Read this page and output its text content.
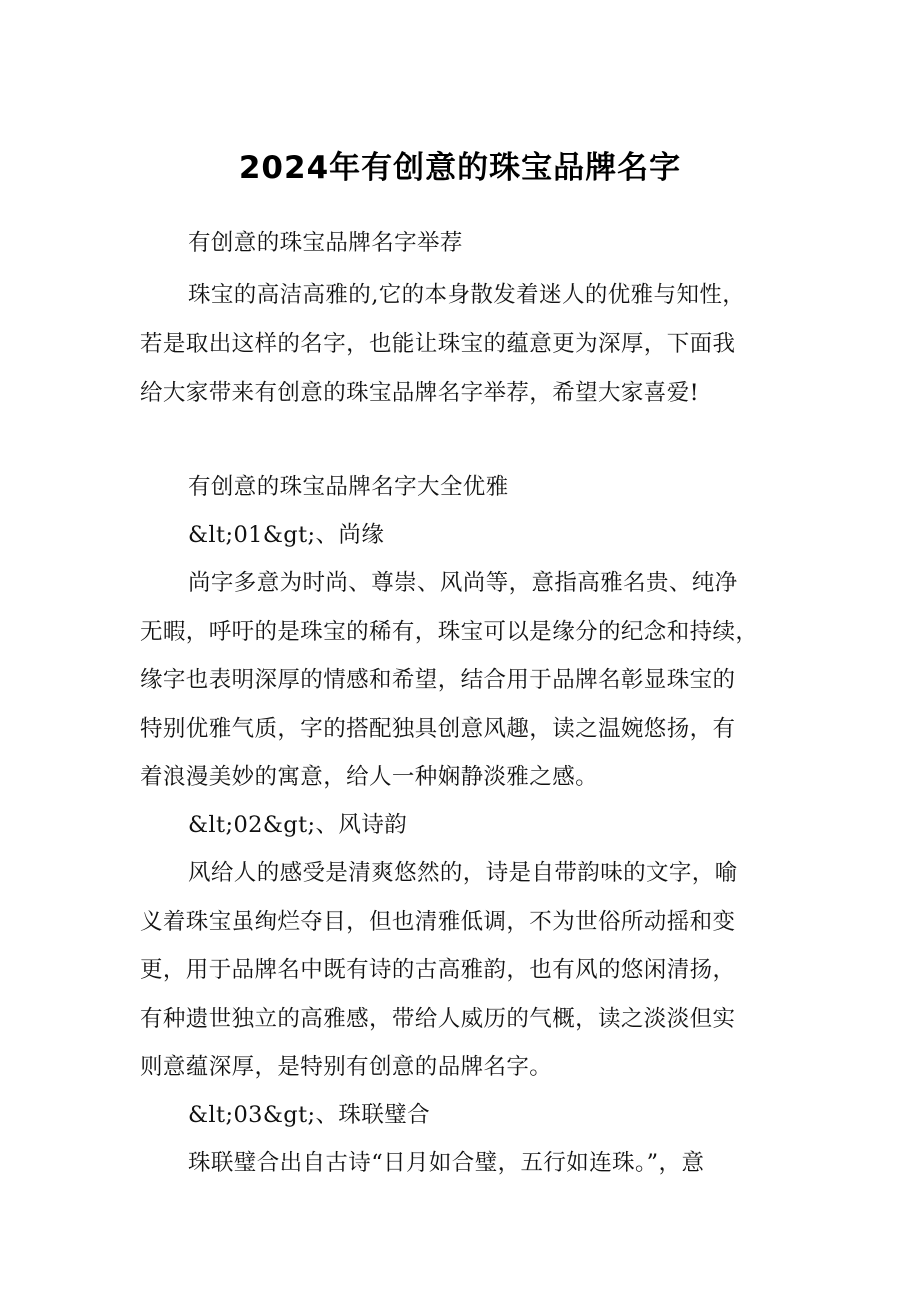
2024年有创意的珠宝品牌名字
有创意的珠宝品牌名字举荐
珠宝的高洁高雅的,它的本身散发着迷人的优雅与知性，
若是取出这样的名字，也能让珠宝的蕴意更为深厚，下面我
给大家带来有创意的珠宝品牌名字举荐，希望大家喜爱!
有创意的珠宝品牌名字大全优雅
&lt;01&gt;、尚缘
尚字多意为时尚、尊崇、风尚等，意指高雅名贵、纯净
无暇，呼吁的是珠宝的稀有，珠宝可以是缘分的纪念和持续，
缘字也表明深厚的情感和希望，结合用于品牌名彰显珠宝的
特别优雅气质，字的搭配独具创意风趣，读之温婉悠扬，有
着浪漫美妙的寓意，给人一种娴静淡雅之感。
&lt;02&gt;、风诗韵
风给人的感受是清爽悠然的，诗是自带韵味的文字，喻
义着珠宝虽绚烂夺目，但也清雅低调，不为世俗所动摇和变
更，用于品牌名中既有诗的古高雅韵，也有风的悠闲清扬，
有种遗世独立的高雅感，带给人威历的气概，读之淡淡但实
则意蕴深厚，是特别有创意的品牌名字。
&lt;03&gt;、珠联璧合
珠联璧合出自古诗“日月如合璧，五行如连珠。”，意
